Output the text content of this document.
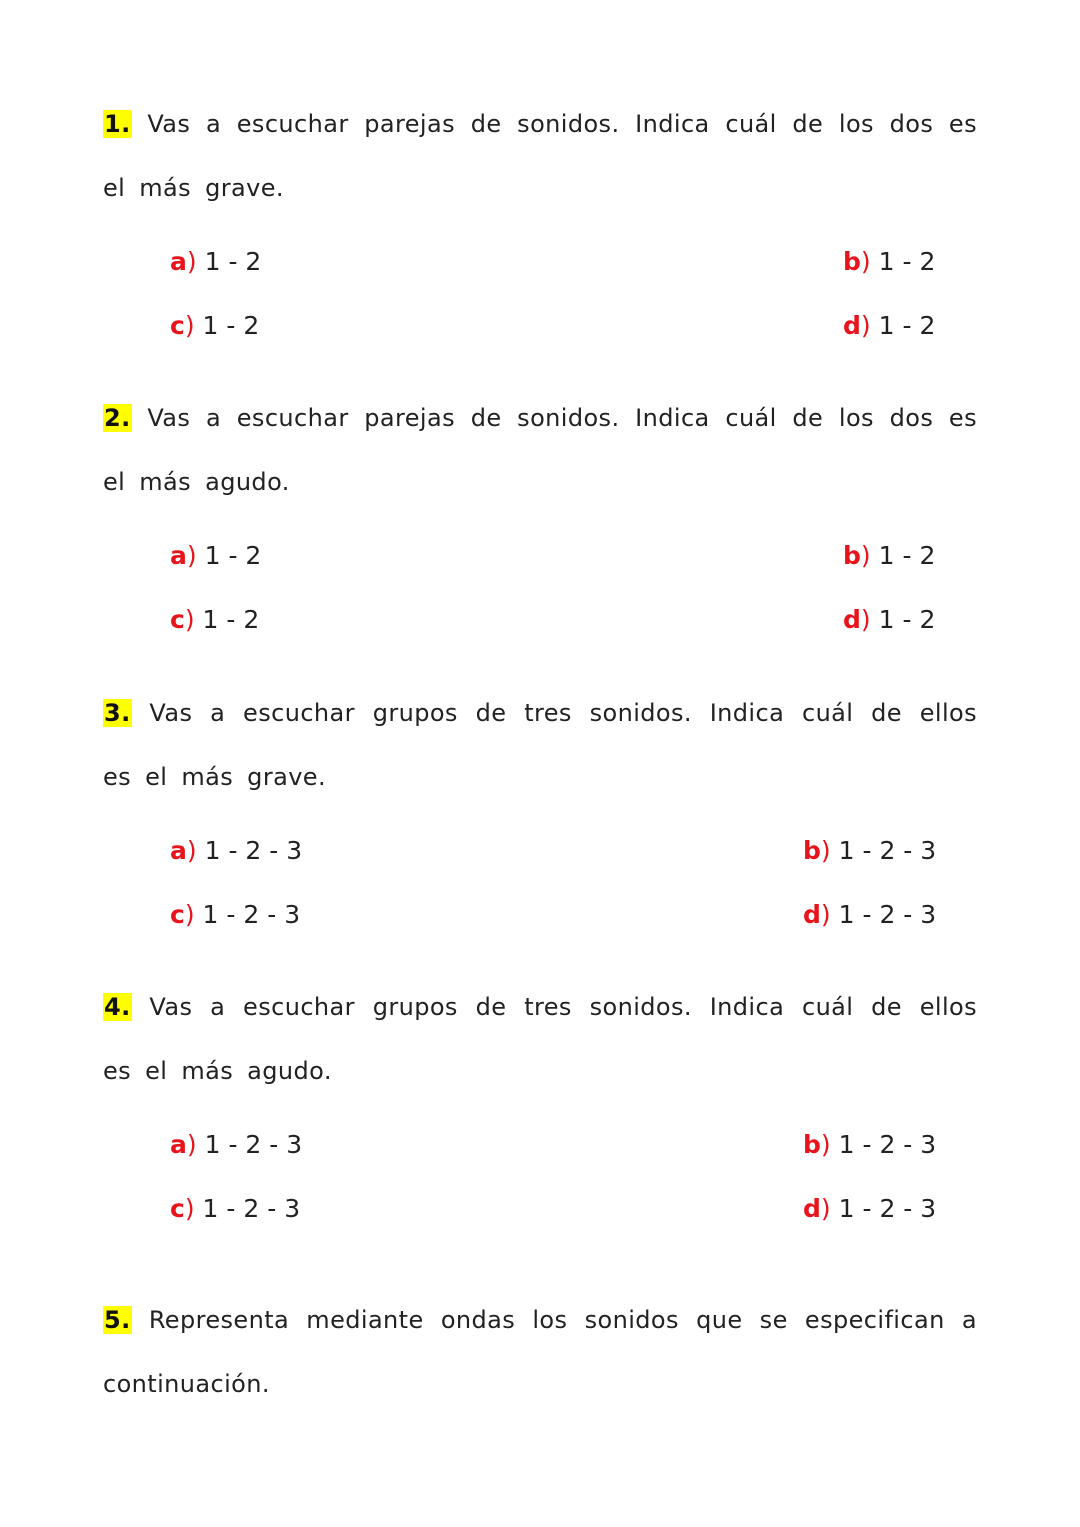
1. Vas a escuchar parejas de sonidos. Indica cuál de los dos es el más grave.

a) 1 - 2	b) 1 - 2
c) 1 - 2	d) 1 - 2

2. Vas a escuchar parejas de sonidos. Indica cuál de los dos es el más agudo.

a) 1 - 2	b) 1 - 2
c) 1 - 2	d) 1 - 2

3. Vas a escuchar grupos de tres sonidos. Indica cuál de ellos es el más grave.

a) 1 - 2 - 3	b) 1 - 2 - 3
c) 1 - 2 - 3	d) 1 - 2 - 3

4. Vas a escuchar grupos de tres sonidos. Indica cuál de ellos es el más agudo.

a) 1 - 2 - 3	b) 1 - 2 - 3
c) 1 - 2 - 3	d) 1 - 2 - 3

5. Representa mediante ondas los sonidos que se especifican a continuación.
